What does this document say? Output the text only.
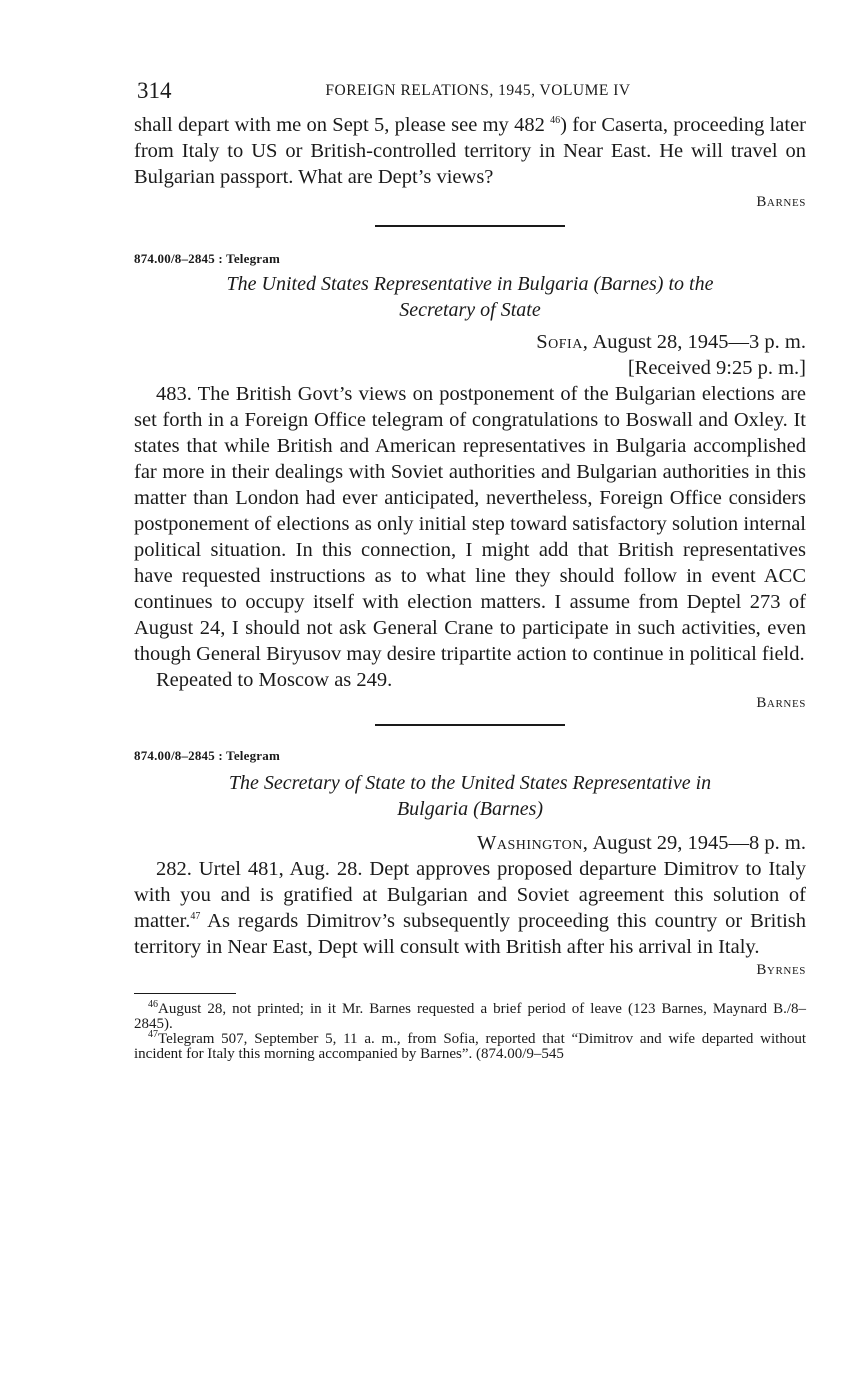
314	FOREIGN RELATIONS, 1945, VOLUME IV

shall depart with me on Sept 5, please see my 482 $^{46}$) for Caserta, proceeding later from Italy to US or British-controlled territory in Near East. He will travel on Bulgarian passport. What are Dept’s views?

Barnes
874.00/8–2845 : Telegram
The United States Representative in Bulgaria (Barnes) to the
Secretary of State
Sofia, August 28, 1945—3 p. m.
[Received 9:25 p. m.]

483. The British Govt’s views on postponement of the Bulgarian elections are set forth in a Foreign Office telegram of congratulations to Boswall and Oxley. It states that while British and American representatives in Bulgaria accomplished far more in their dealings with Soviet authorities and Bulgarian authorities in this matter than London had ever anticipated, nevertheless, Foreign Office considers postponement of elections as only initial step toward satisfactory solution internal political situation. In this connection, I might add that British representatives have requested instructions as to what line they should follow in event ACC continues to occupy itself with election matters. I assume from Deptel 273 of August 24, I should not ask General Crane to participate in such activities, even though General Biryusov may desire tripartite action to continue in political field.

Repeated to Moscow as 249.

Barnes
874.00/8–2845 : Telegram
The Secretary of State to the United States Representative in
Bulgaria (Barnes)
Washington, August 29, 1945—8 p. m.

282. Urtel 481, Aug. 28. Dept approves proposed departure Dimitrov to Italy with you and is gratified at Bulgarian and Soviet agreement this solution of matter.$^{47}$ As regards Dimitrov’s subsequently proceeding this country or British territory in Near East, Dept will consult with British after his arrival in Italy.

Byrnes

$^{46}$August 28, not printed; in it Mr. Barnes requested a brief period of leave (123 Barnes, Maynard B./8–2845).

$^{47}$Telegram 507, September 5, 11 a. m., from Sofia, reported that “Dimitrov and wife departed without incident for Italy this morning accompanied by Barnes”. (874.00/9–545
